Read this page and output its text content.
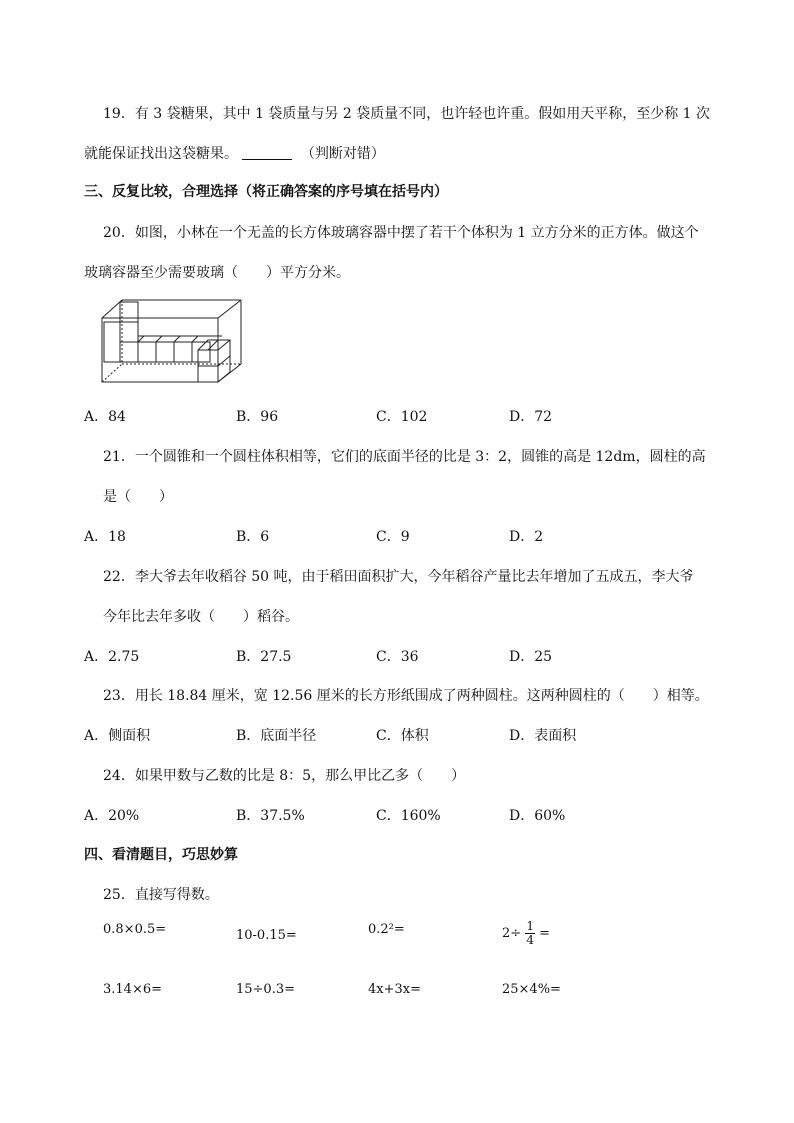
19．有 3 袋糖果，其中 1 袋质量与另 2 袋质量不同，也许轻也许重。假如用天平称，至少称 1 次
就能保证找出这袋糖果。	（判断对错）
三、反复比较，合理选择（将正确答案的序号填在括号内）
20．如图，小林在一个无盖的长方体玻璃容器中摆了若干个体积为 1 立方分米的正方体。做这个
玻璃容器至少需要玻璃（　　）平方分米。
A．84	B．96	C．102	D．72
21．一个圆锥和一个圆柱体积相等，它们的底面半径的比是 3：2，圆锥的高是 12dm，圆柱的高
是（　　）
A．18	B．6	C．9	D．2
22．李大爷去年收稻谷 50 吨，由于稻田面积扩大，今年稻谷产量比去年增加了五成五，李大爷
今年比去年多收（　　）稻谷。
A．2.75	B．27.5	C．36	D．25
23．用长 18.84 厘米，宽 12.56 厘米的长方形纸围成了两种圆柱。这两种圆柱的（　　）相等。
A．侧面积	B．底面半径	C．体积	D．表面积
24．如果甲数与乙数的比是 8：5，那么甲比乙多（　　）
A．20%	B．37.5%	C．160%	D．60%
四、看清题目，巧思妙算
25．直接写得数。
0.8×0.5=	10-0.15=	0.2²=	$2\div \frac{1}{4}$ =
3.14×6=	15÷0.3=	4x+3x=	25×4%=
